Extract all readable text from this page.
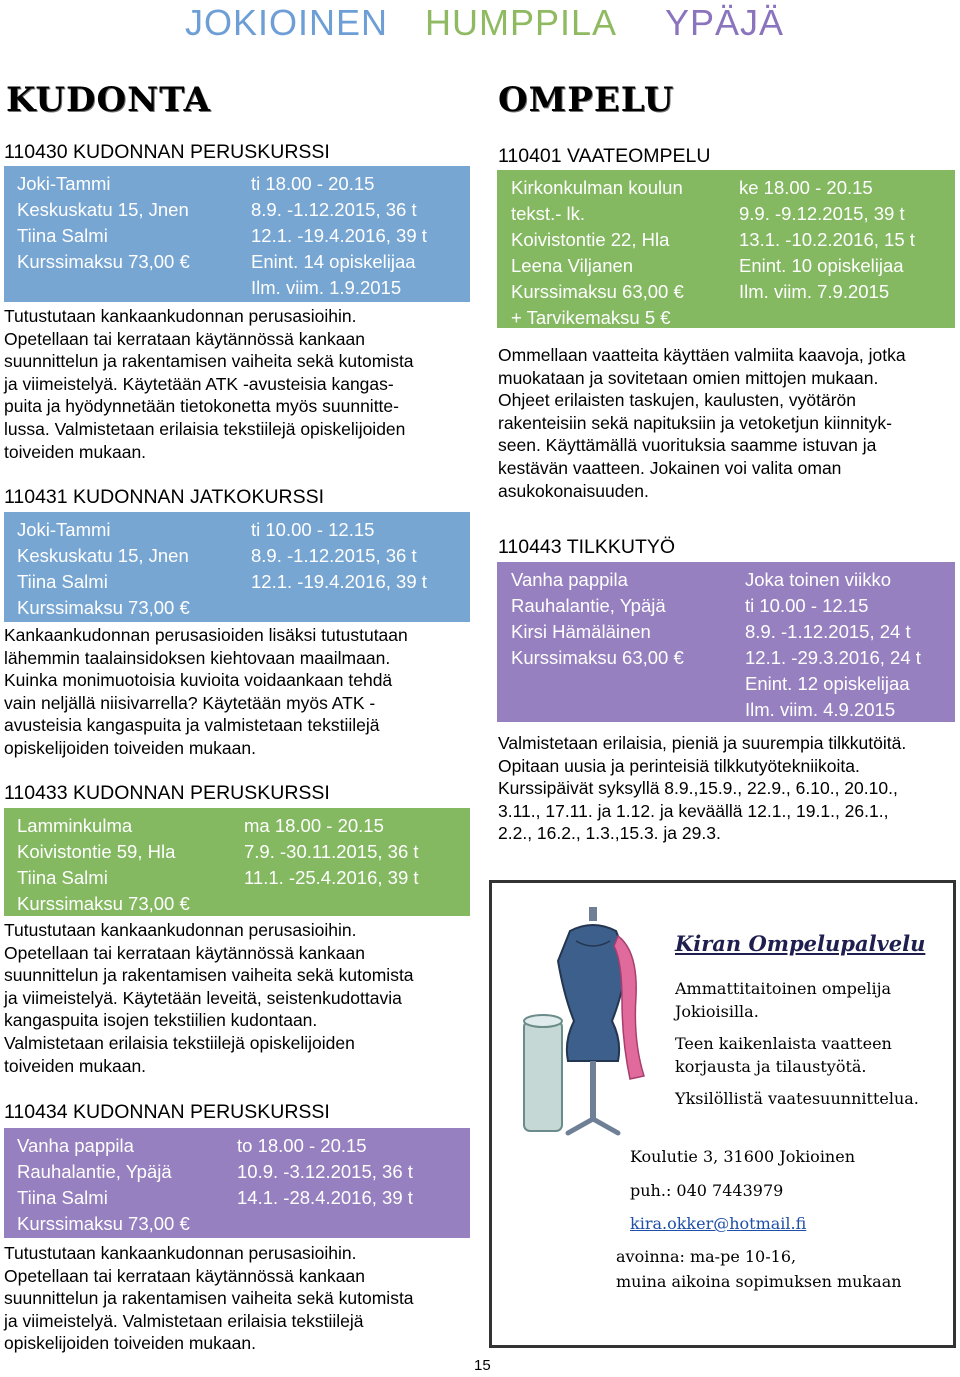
JOKIOINEN HUMPPILA YPÄJÄ
KUDONTA
110430 KUDONNAN PERUSKURSSI
Joki-Tammi
Keskuskatu 15, Jnen
Tiina Salmi
Kurssimaksu 73,00 €
ti 18.00 - 20.15
8.9. -1.12.2015, 36 t
12.1. -19.4.2016, 39 t
Enint. 14 opiskelijaa
Ilm. viim. 1.9.2015
Tutustutaan kankaankudonnan perusasioihin.
Opetellaan tai kerrataan käytännössä kankaan
suunnittelun ja rakentamisen vaiheita sekä kutomista
ja viimeistelyä. Käytetään ATK -avusteisia kangas-
puita ja hyödynnetään tietokonetta myös suunnitte-
lussa. Valmistetaan erilaisia tekstiilejä opiskelijoiden
toiveiden mukaan.
110431 KUDONNAN JATKOKURSSI
Joki-Tammi
Keskuskatu 15, Jnen
Tiina Salmi
Kurssimaksu 73,00 €
ti 10.00 - 12.15
8.9. -1.12.2015, 36 t
12.1. -19.4.2016, 39 t
Kankaankudonnan perusasioiden lisäksi tutustutaan
lähemmin taalainsidoksen kiehtovaan maailmaan.
Kuinka monimuotoisia kuvioita voidaankaan tehdä
vain neljällä niisivarrella? Käytetään myös ATK -
avusteisia kangaspuita ja valmistetaan tekstiilejä
opiskelijoiden toiveiden mukaan.
110433 KUDONNAN PERUSKURSSI
Lamminkulma
Koivistontie 59, Hla
Tiina Salmi
Kurssimaksu 73,00 €
ma 18.00 - 20.15
7.9. -30.11.2015, 36 t
11.1. -25.4.2016, 39 t
Tutustutaan kankaankudonnan perusasioihin.
Opetellaan tai kerrataan käytännössä kankaan
suunnittelun ja rakentamisen vaiheita sekä kutomista
ja viimeistelyä. Käytetään leveitä, seistenkudottavia
kangaspuita isojen tekstiilien kudontaan.
Valmistetaan erilaisia tekstiilejä opiskelijoiden
toiveiden mukaan.
110434 KUDONNAN PERUSKURSSI
Vanha pappila
Rauhalantie, Ypäjä
Tiina Salmi
Kurssimaksu 73,00 €
to 18.00 - 20.15
10.9. -3.12.2015, 36 t
14.1. -28.4.2016, 39 t
Tutustutaan kankaankudonnan perusasioihin.
Opetellaan tai kerrataan käytännössä kankaan
suunnittelun ja rakentamisen vaiheita sekä kutomista
ja viimeistelyä. Valmistetaan erilaisia tekstiilejä
opiskelijoiden toiveiden mukaan.
OMPELU
110401 VAATEOMPELU
Kirkonkulman koulun
tekst.- lk.
Koivistontie 22, Hla
Leena Viljanen
Kurssimaksu 63,00 €
+ Tarvikemaksu 5 €
ke 18.00 - 20.15
9.9. -9.12.2015, 39 t
13.1. -10.2.2016, 15 t
Enint. 10 opiskelijaa
Ilm. viim. 7.9.2015
Ommellaan vaatteita käyttäen valmiita kaavoja, jotka
muokataan ja sovitetaan omien mittojen mukaan.
Ohjeet erilaisten taskujen, kaulusten, vyötärön
rakenteisiin sekä napituksiin ja vetoketjun kiinnityk-
seen. Käyttämällä vuorituksia saamme istuvan ja
kestävän vaatteen. Jokainen voi valita oman
asukokonaisuuden.
110443 TILKKUTYÖ
Vanha pappila
Rauhalantie, Ypäjä
Kirsi Hämäläinen
Kurssimaksu 63,00 €
Joka toinen viikko
ti 10.00 - 12.15
8.9. -1.12.2015, 24 t
12.1. -29.3.2016, 24 t
Enint. 12 opiskelijaa
Ilm. viim. 4.9.2015
Valmistetaan erilaisia, pieniä ja suurempia tilkkutöitä.
Opitaan uusia ja perinteisiä tilkkutyötekniikoita.
Kurssipäivät syksyllä 8.9.,15.9., 22.9., 6.10., 20.10.,
3.11., 17.11. ja 1.12. ja keväällä 12.1., 19.1., 26.1.,
2.2., 16.2., 1.3.,15.3. ja 29.3.
Kiran Ompelupalvelu
Ammattitaitoinen ompelija
Jokioisilla.
Teen kaikenlaista vaatteen
korjausta ja tilaustyötä.
Yksilöllistä vaatesuunnittelua.
Koulutie 3, 31600 Jokioinen
puh.: 040 7443979
kira.okker@hotmail.fi
avoinna: ma-pe 10-16,
muina aikoina sopimuksen mukaan
15
